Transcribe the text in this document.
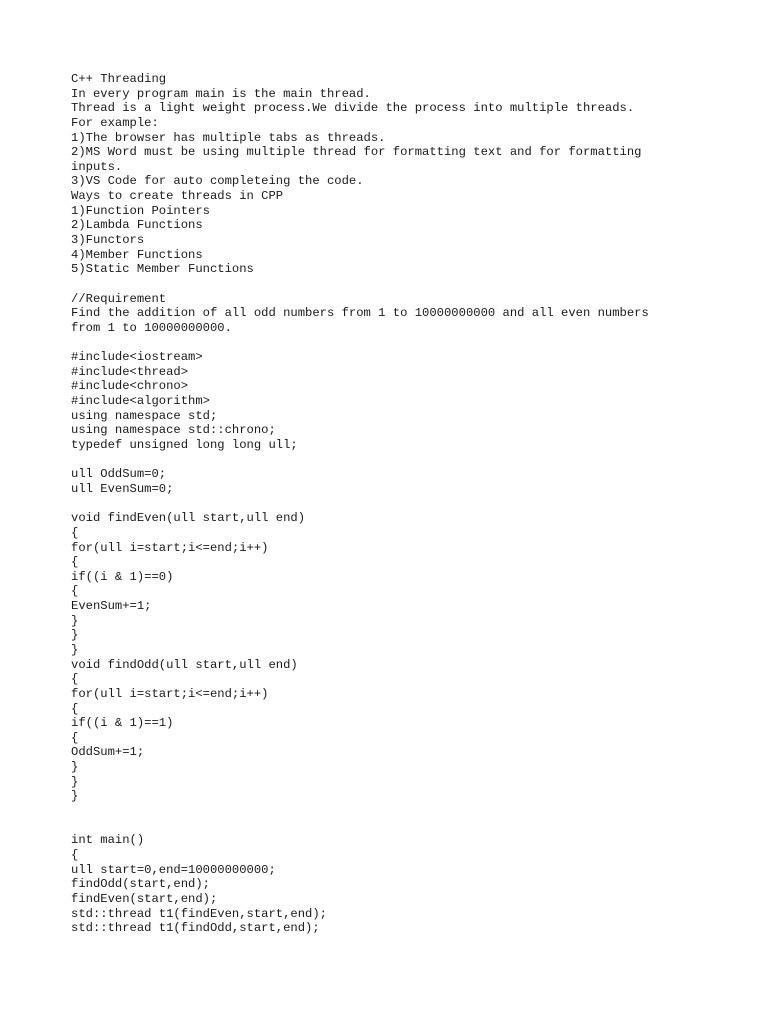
C++ Threading
In every program main is the main thread.
Thread is a light weight process.We divide the process into multiple threads.
For example:
1)The browser has multiple tabs as threads.
2)MS Word must be using multiple thread for formatting text and for formatting
inputs.
3)VS Code for auto completeing the code.
Ways to create threads in CPP
1)Function Pointers
2)Lambda Functions
3)Functors
4)Member Functions
5)Static Member Functions
//Requirement
Find the addition of all odd numbers from 1 to 10000000000 and all even numbers
from 1 to 10000000000.
#include<iostream>
#include<thread>
#include<chrono>
#include<algorithm>
using namespace std;
using namespace std::chrono;
typedef unsigned long long ull;
ull OddSum=0;
ull EvenSum=0;
void findEven(ull start,ull end)
{
for(ull i=start;i<=end;i++)
{
if((i & 1)==0)
{
EvenSum+=1;
}
}
}
void findOdd(ull start,ull end)
{
for(ull i=start;i<=end;i++)
{
if((i & 1)==1)
{
OddSum+=1;
}
}
}
int main()
{
ull start=0,end=10000000000;
findOdd(start,end);
findEven(start,end);
std::thread t1(findEven,start,end);
std::thread t1(findOdd,start,end);
